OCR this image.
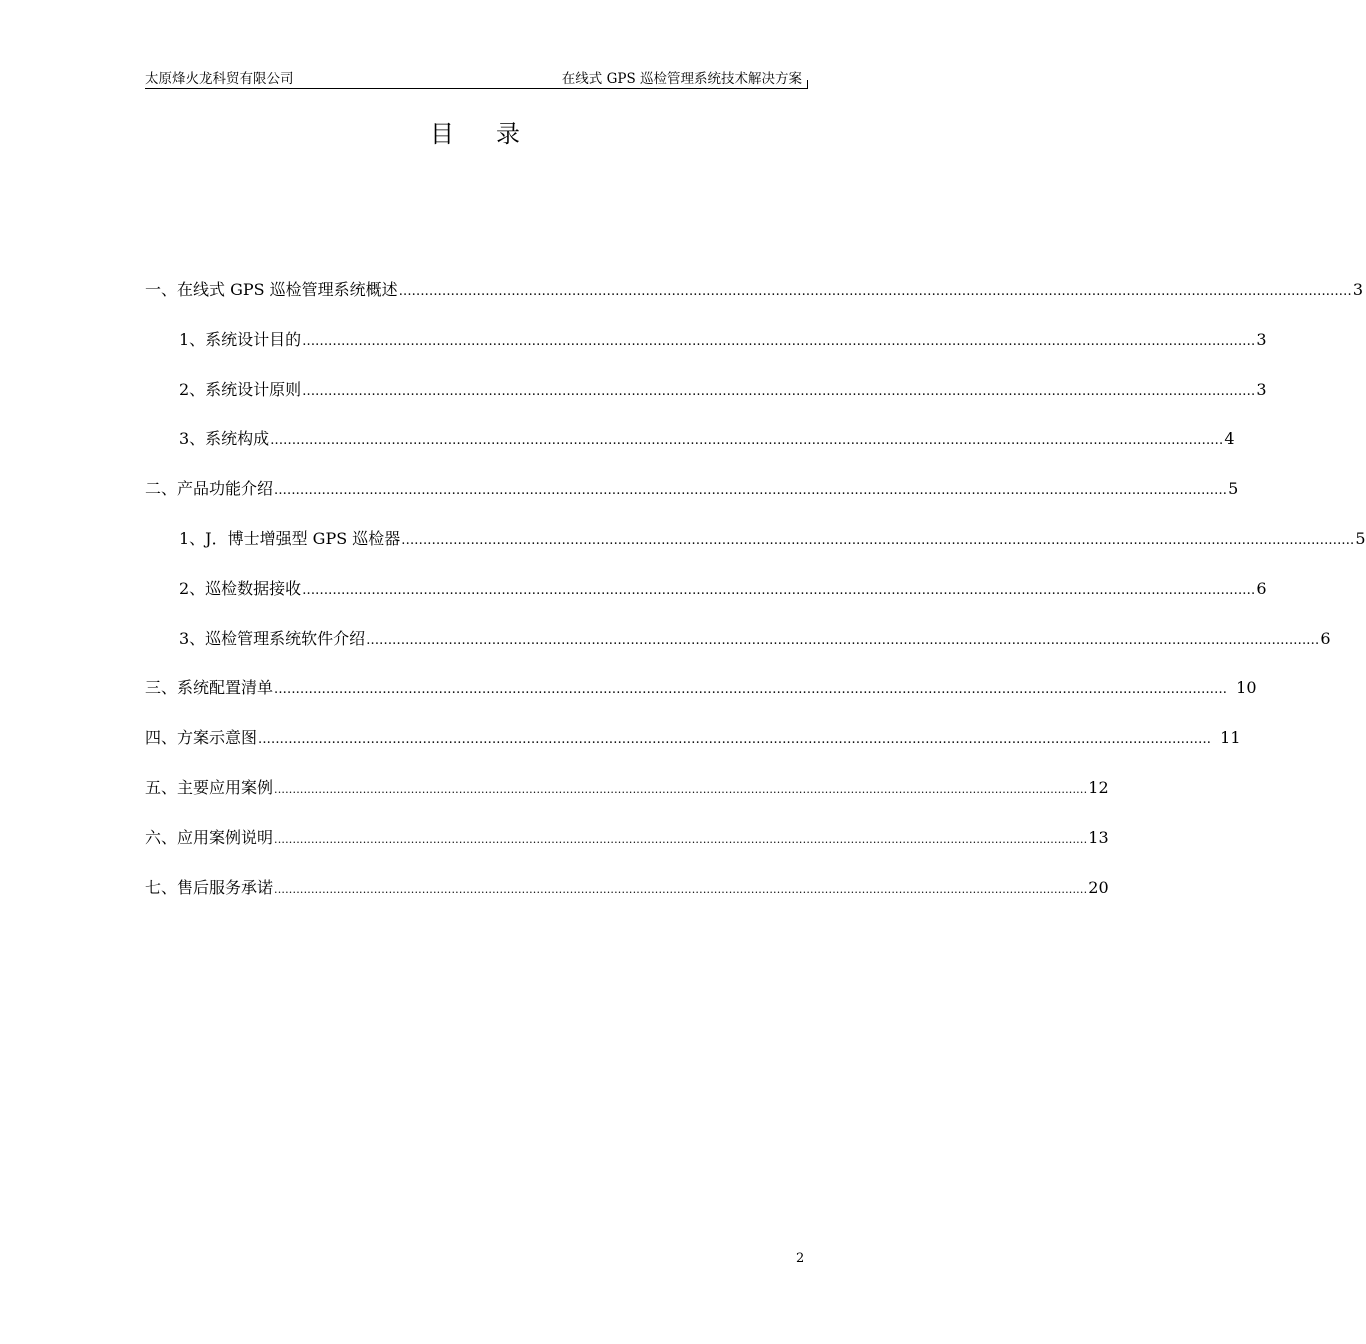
太原烽火龙科贸有限公司	在线式 GPS 巡检管理系统技术解决方案
目 录
一、在线式 GPS 巡检管理系统概述 ............................................................................................................................................................................................................................ 3
1、系统设计目的 ............................................................................................................................................................................................................................ 3
2、系统设计原则 ............................................................................................................................................................................................................................ 3
3、系统构成 ............................................................................................................................................................................................................................ 4
二、产品功能介绍 ............................................................................................................................................................................................................................ 5
1、J．博士增强型 GPS 巡检器 ............................................................................................................................................................................................................................ 5
2、巡检数据接收 ............................................................................................................................................................................................................................ 6
3、巡检管理系统软件介绍 ............................................................................................................................................................................................................................ 6
三、系统配置清单 ............................................................................................................................................................................................................................ 10
四、方案示意图 ............................................................................................................................................................................................................................ 11
五、主要应用案例 ............................................................................................................................................................................................................................ 12
六、应用案例说明 ............................................................................................................................................................................................................................ 13
七、售后服务承诺 ............................................................................................................................................................................................................................ 20
2
